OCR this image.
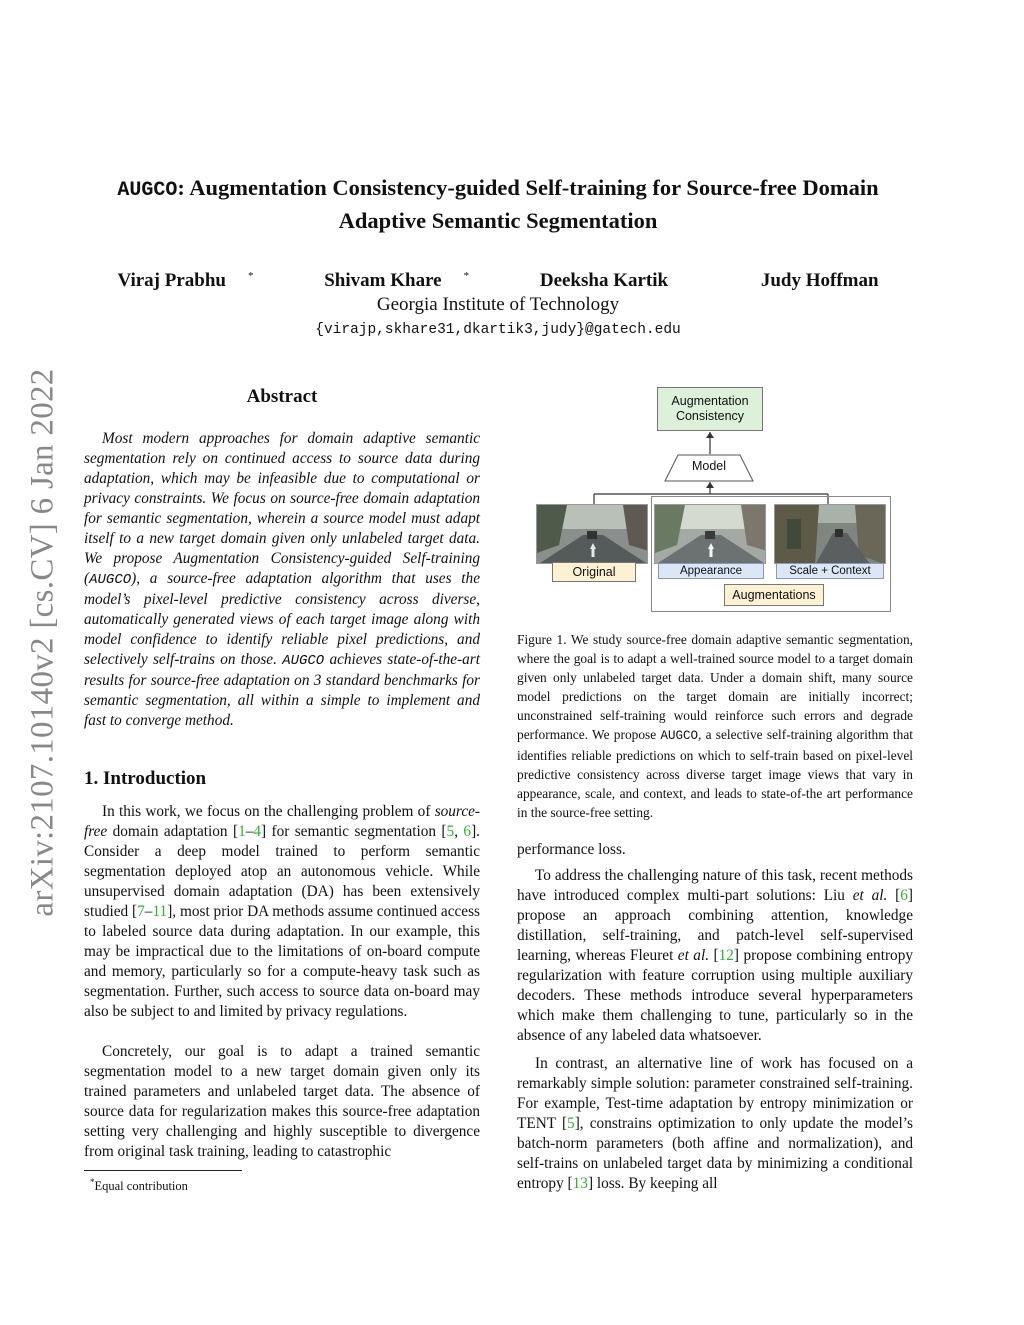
arXiv:2107.10140v2 [cs.CV] 6 Jan 2022
AUGCO: Augmentation Consistency-guided Self-training for Source-free Domain
Adaptive Semantic Segmentation
Viraj Prabhu *	Shivam Khare *	Deeksha Kartik	Judy Hoffman
Georgia Institute of Technology
{virajp,skhare31,dkartik3,judy}@gatech.edu
Abstract
Most modern approaches for domain adaptive semantic segmentation rely on continued access to source data during adaptation, which may be infeasible due to computational or privacy constraints. We focus on source-free domain adaptation for semantic segmentation, wherein a source model must adapt itself to a new target domain given only unlabeled target data. We propose Augmentation Consistency-guided Self-training (AUGCO), a source-free adaptation algorithm that uses the model’s pixel-level predictive consistency across diverse, automatically generated views of each target image along with model confidence to identify reliable pixel predictions, and selectively self-trains on those. AUGCO achieves state-of-the-art results for source-free adaptation on 3 standard benchmarks for semantic segmentation, all within a simple to implement and fast to converge method.
1. Introduction
In this work, we focus on the challenging problem of source-free domain adaptation [1–4] for semantic segmentation [5, 6]. Consider a deep model trained to perform semantic segmentation deployed atop an autonomous vehicle. While unsupervised domain adaptation (DA) has been extensively studied [7–11], most prior DA methods assume continued access to labeled source data during adaptation. In our example, this may be impractical due to the limitations of on-board compute and memory, particularly so for a compute-heavy task such as segmentation. Further, such access to source data on-board may also be subject to and limited by privacy regulations.
Concretely, our goal is to adapt a trained semantic segmentation model to a new target domain given only its trained parameters and unlabeled target data. The absence of source data for regularization makes this source-free adaptation setting very challenging and highly susceptible to divergence from original task training, leading to catastrophic
*Equal contribution
Augmentation
Consistency
Model
Original	Appearance	Scale + Context
Augmentations
Figure 1. We study source-free domain adaptive semantic segmentation, where the goal is to adapt a well-trained source model to a target domain given only unlabeled target data. Under a domain shift, many source model predictions on the target domain are initially incorrect; unconstrained self-training would reinforce such errors and degrade performance. We propose AUGCO, a selective self-training algorithm that identifies reliable predictions on which to self-train based on pixel-level predictive consistency across diverse target image views that vary in appearance, scale, and context, and leads to state-of-the art performance in the source-free setting.
performance loss.
To address the challenging nature of this task, recent methods have introduced complex multi-part solutions: Liu et al. [6] propose an approach combining attention, knowledge distillation, self-training, and patch-level self-supervised learning, whereas Fleuret et al. [12] propose combining entropy regularization with feature corruption using multiple auxiliary decoders. These methods introduce several hyperparameters which make them challenging to tune, particularly so in the absence of any labeled data whatsoever.
In contrast, an alternative line of work has focused on a remarkably simple solution: parameter constrained self-training. For example, Test-time adaptation by entropy minimization or TENT [5], constrains optimization to only update the model’s batch-norm parameters (both affine and normalization), and self-trains on unlabeled target data by minimizing a conditional entropy [13] loss. By keeping all
